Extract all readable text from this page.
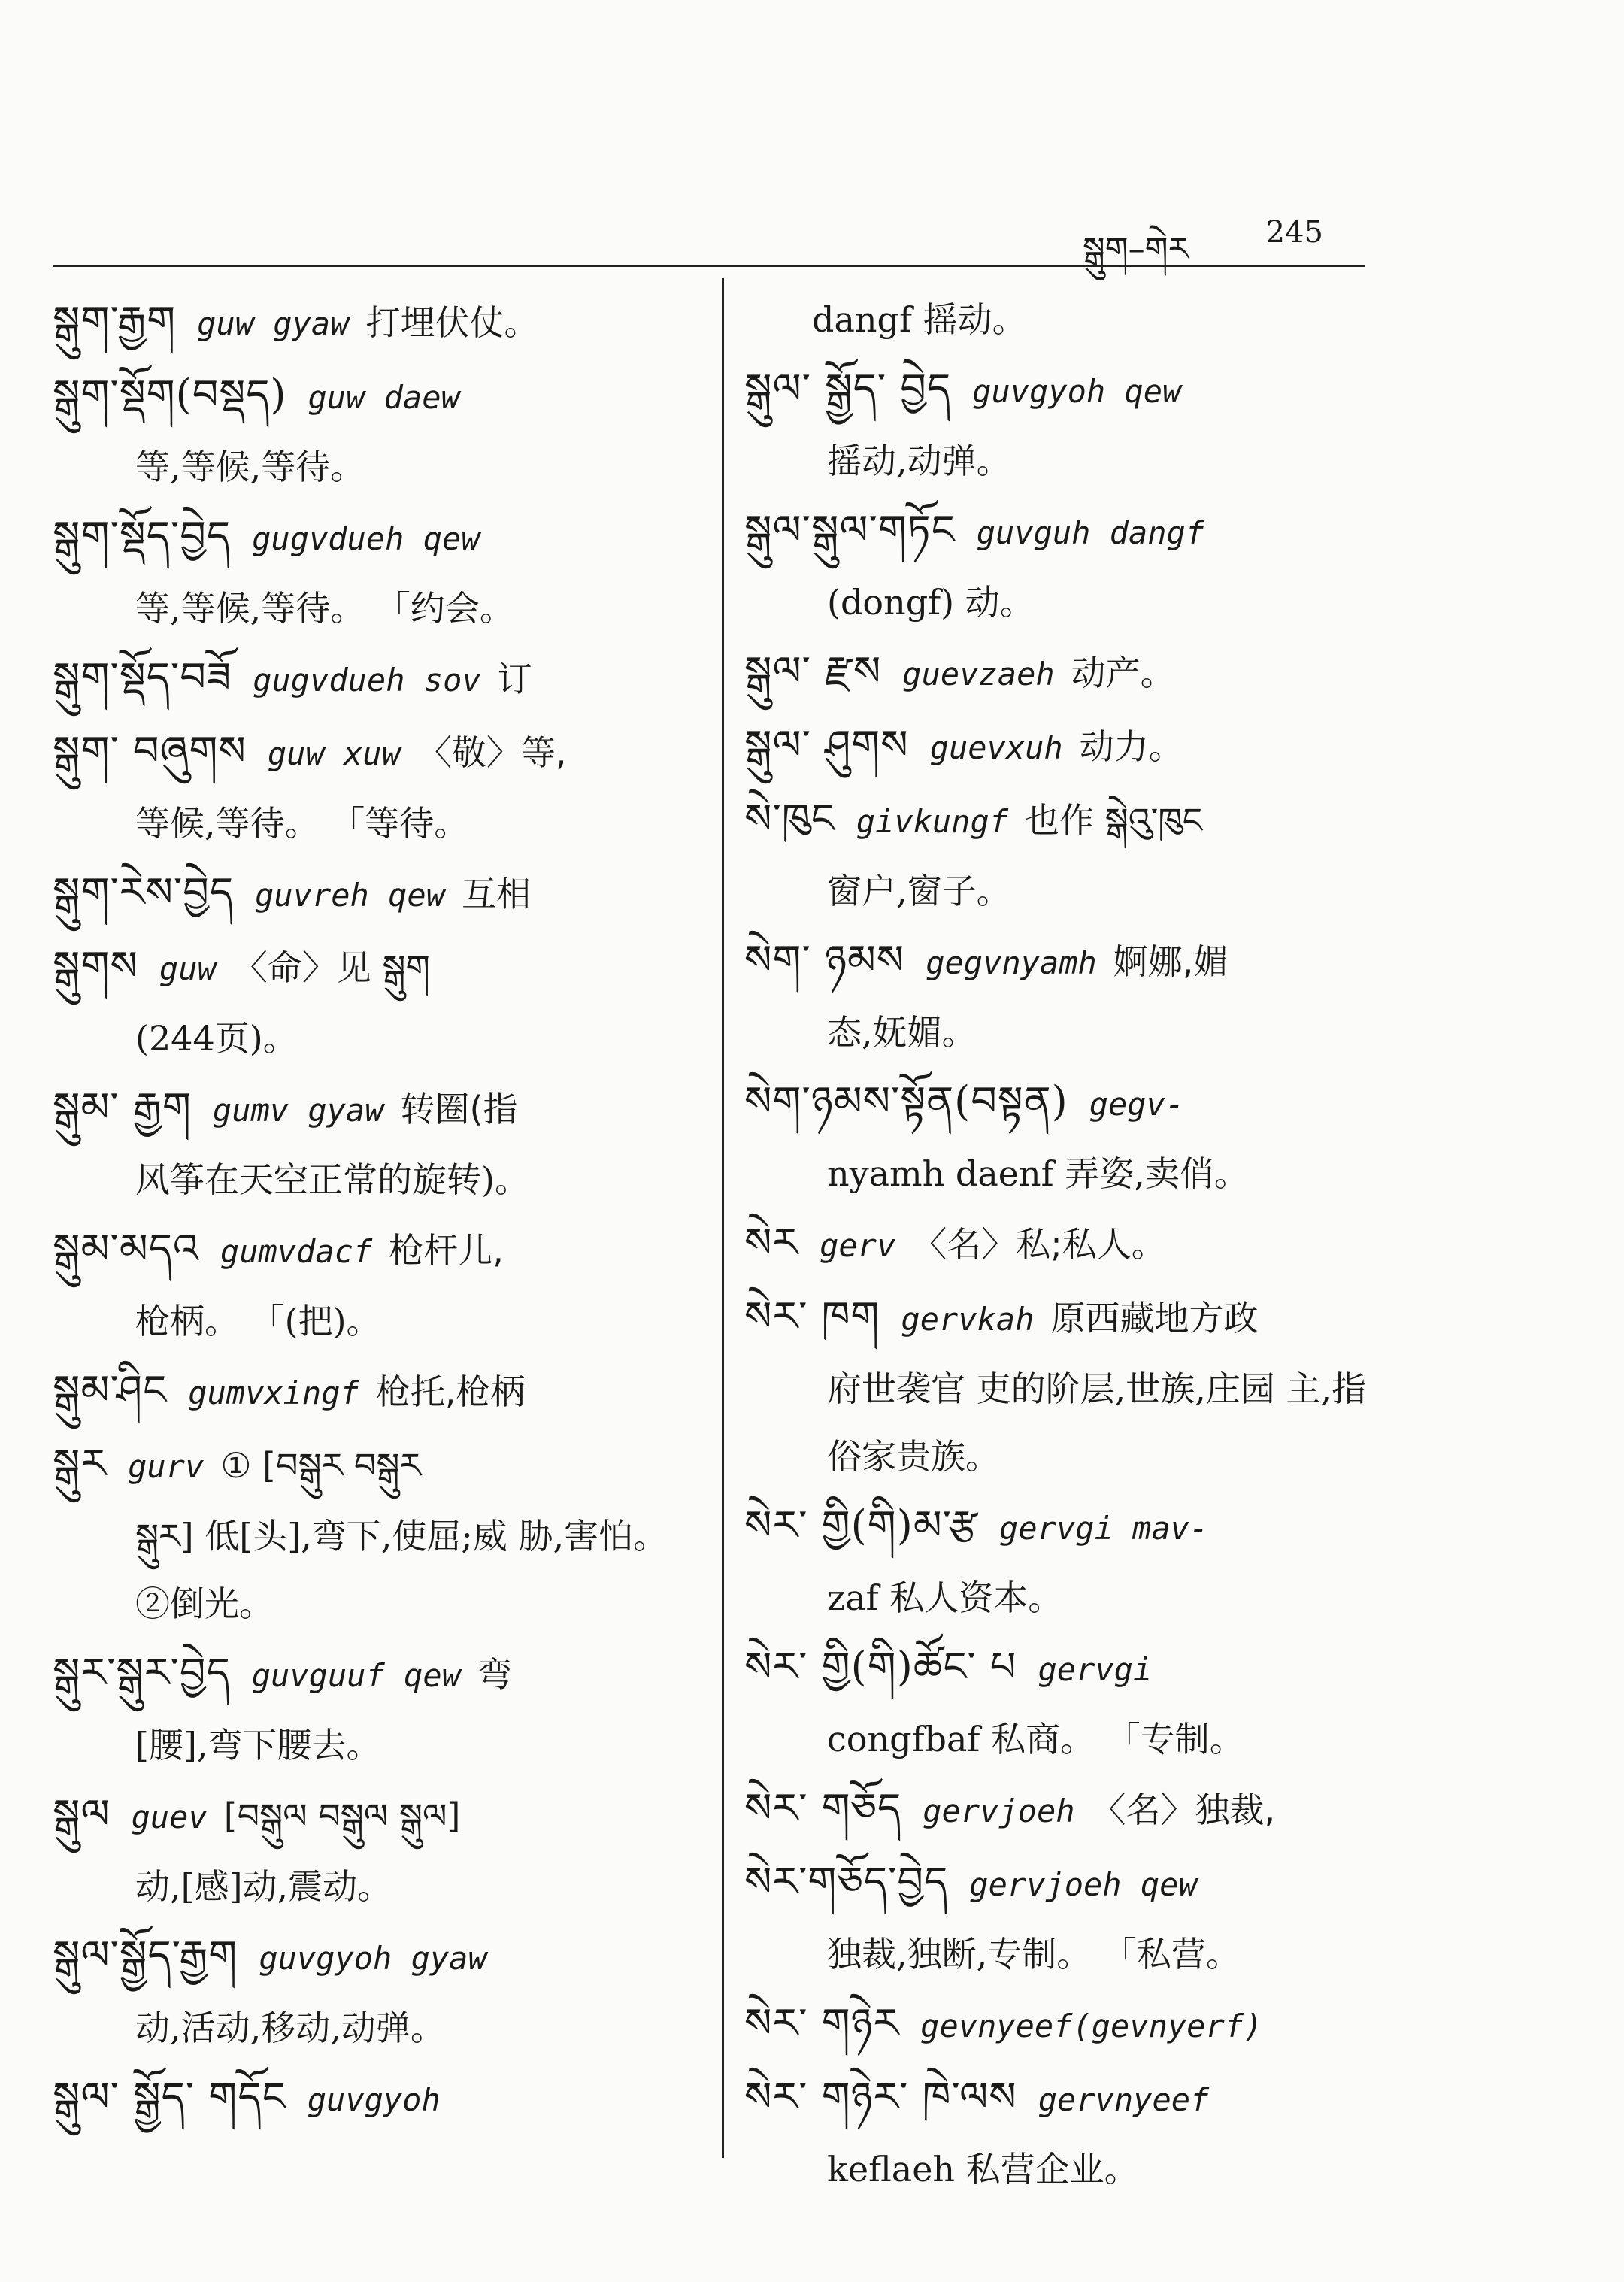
སྒུག–གེར	245
སྒུག་རྒྱག guw gyaw 打埋伏仗。
སྒུག་སྡོག(བསྡད) guw daew
等,等候,等待。
སྒུག་སྡོད་བྱེད gugvdueh qew
等,等候,等待。 「约会。
སྒུག་སྡོད་བཟོ gugvdueh sov 订
སྒུག་ བཞུགས guw xuw 〈敬〉等,
等候,等待。 「等待。
སྒུག་རེས་བྱེད guvreh qew 互相
སྒུགས guw 〈命〉见 སྒུག
(244页)。
སྒུམ་ རྒྱག gumv gyaw 转圈(指
风筝在天空正常的旋转)。
སྒུམ་མདའ gumvdacf 枪杆儿,
枪柄。 「(把)。
སྒུམ་ཤིང gumvxingf 枪托,枪柄
སྒུར gurv ① [བསྒུར བསྒུར
སྒུར] 低[头],弯下,使屈;威 胁,害怕。②倒光。
སྒུར་སྒུར་བྱེད guvguuf qew 弯
[腰],弯下腰去。
སྒུལ guev [བསྒུལ བསྒུལ སྒུལ]
动,[感]动,震动。
སྒུལ་སྒྱོད་རྒྱག guvgyoh gyaw
动,活动,移动,动弹。
སྒུལ་ སྒྱོད་ གདོང guvgyoh
dangf 摇动。
སྒུལ་ སྒྱོད་ བྱེད guvgyoh qew
摇动,动弹。
སྒུལ་སྒུལ་གཏོང guvguh dangf
(dongf) 动。
སྒུལ་ རྫས guevzaeh 动产。
སྒུལ་ ཤུགས guevxuh 动力。
སེ་ཁུང givkungf 也作 སྒེའུ་ཁུང
窗户,窗子。
སེག་ ཉམས gegvnyamh 婀娜,媚
态,妩媚。
སེག་ཉམས་སྟོན(བསྟན) gegv-
nyamh daenf 弄姿,卖俏。
སེར gerv 〈名〉私;私人。
སེར་ ཁག gervkah 原西藏地方政
府世袭官 吏的阶层,世族,庄园 主,指俗家贵族。
སེར་ གྱི(གི)མ་རྩ gervgi mav-
zaf 私人资本。
སེར་ གྱི(གི)ཚོང་ པ gervgi
congfbaf 私商。 「专制。
སེར་ གཅོད gervjoeh 〈名〉独裁,
སེར་གཅོད་བྱེད gervjoeh qew
独裁,独断,专制。 「私营。
སེར་ གཉེར gevnyeef(gevnyerf)
སེར་ གཉེར་ ཁེ་ལས gervnyeef
keflaeh 私营企业。
